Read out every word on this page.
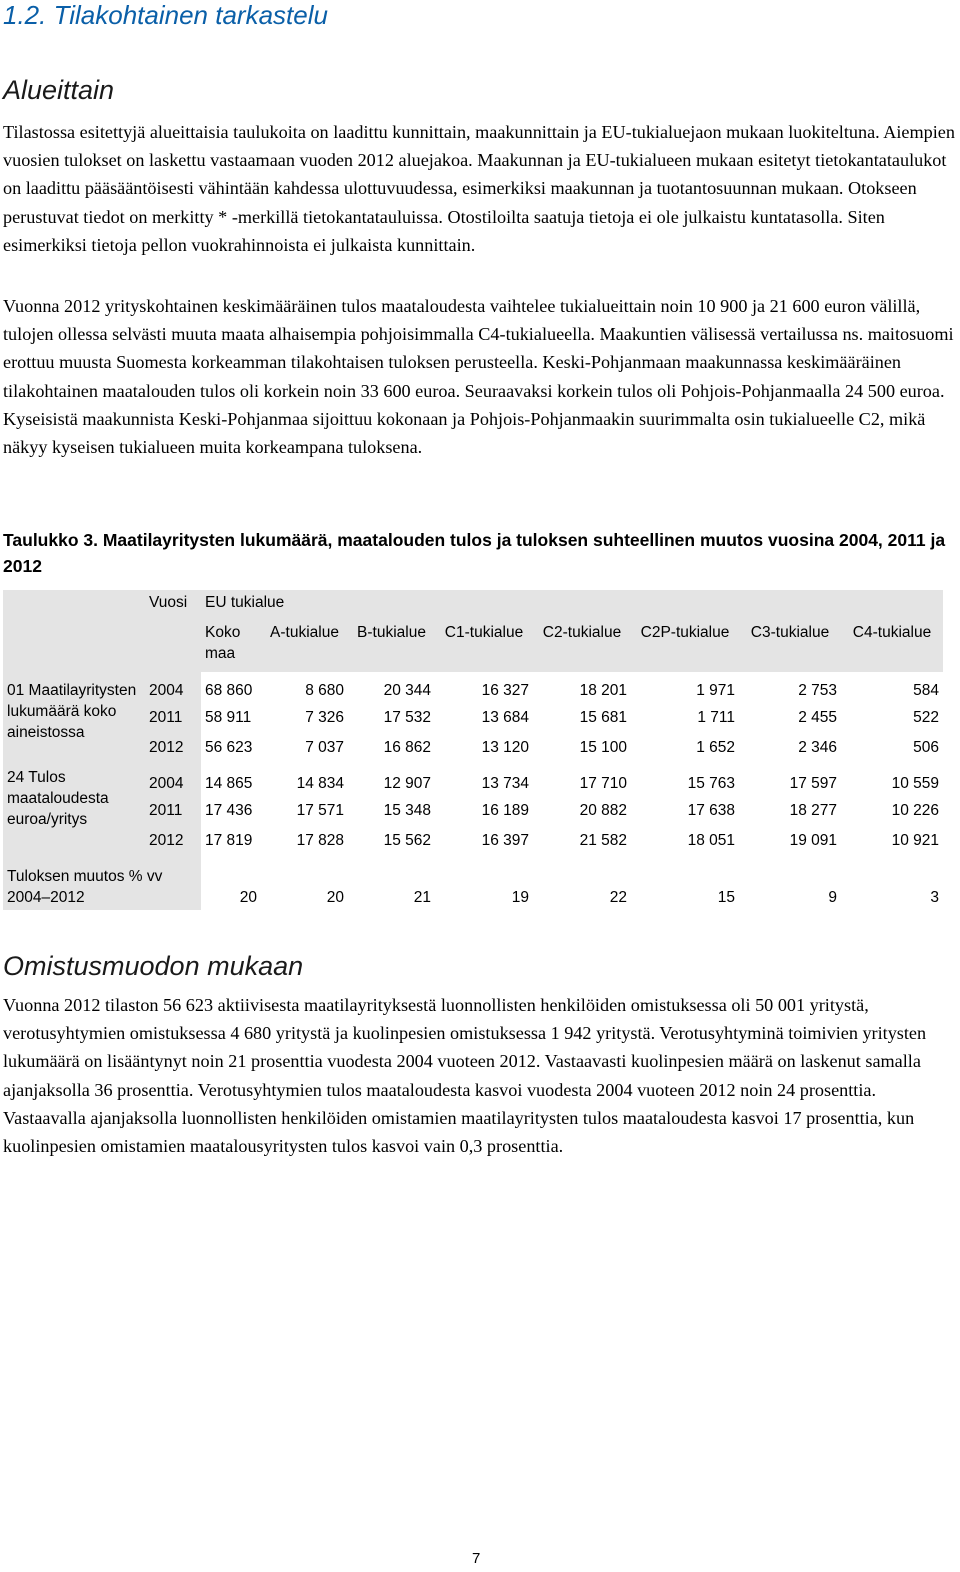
1.2. Tilakohtainen tarkastelu
Alueittain

Tilastossa esitettyjä alueittaisia taulukoita on laadittu kunnittain, maakunnittain ja EU-tukialuejaon mukaan luokiteltuna. Aiempien vuosien tulokset on laskettu vastaamaan vuoden 2012 aluejakoa. Maakunnan ja EU-tukialueen mukaan esitetyt tietokantataulukot on laadittu pääsääntöisesti vähintään kahdessa ulottuvuudessa, esimerkiksi maakunnan ja tuotantosuunnan mukaan. Otokseen perustuvat tiedot on merkitty * -merkillä tietokantatauluissa. Otostiloilta saatuja tietoja ei ole julkaistu kuntatasolla. Siten esimerkiksi tietoja pellon vuokrahinnoista ei julkaista kunnittain.

Vuonna 2012 yrityskohtainen keskimääräinen tulos maataloudesta vaihtelee tukialueittain noin 10 900 ja 21 600 euron välillä, tulojen ollessa selvästi muuta maata alhaisempia pohjoisimmalla C4-tukialueella. Maakuntien välisessä vertailussa ns. maitosuomi erottuu muusta Suomesta korkeamman tilakohtaisen tuloksen perusteella. Keski-Pohjanmaan maakunnassa keskimääräinen tilakohtainen maatalouden tulos oli korkein noin 33 600 euroa. Seuraavaksi korkein tulos oli Pohjois-Pohjanmaalla 24 500 euroa. Kyseisistä maakunnista Keski-Pohjanmaa sijoittuu kokonaan ja Pohjois-Pohjanmaakin suurimmalta osin tukialueelle C2, mikä näkyy kyseisen tukialueen muita korkeampana tuloksena.

Taulukko 3. Maatilayritysten lukumäärä, maatalouden tulos ja tuloksen suhteellinen muutos vuosina 2004, 2011 ja 2012

	Vuosi	EU tukialue							
		Koko maa	A-tukialue	B-tukialue	C1-tukialue	C2-tukialue	C2P-tukialue	C3-tukialue	C4-tukialue
01 Maatilayritysten lukumäärä koko aineistossa	2004	68 860	8 680	20 344	16 327	18 201	1 971	2 753	584
	2011	58 911	7 326	17 532	13 684	15 681	1 711	2 455	522
	2012	56 623	7 037	16 862	13 120	15 100	1 652	2 346	506
24 Tulos maataloudesta euroa/yritys	2004	14 865	14 834	12 907	13 734	17 710	15 763	17 597	10 559
	2011	17 436	17 571	15 348	16 189	20 882	17 638	18 277	10 226
	2012	17 819	17 828	15 562	16 397	21 582	18 051	19 091	10 921
Tuloksen muutos % vv 2004–2012		20	20	21	19	22	15	9	3
Omistusmuodon mukaan

Vuonna 2012 tilaston 56 623 aktiivisesta maatilayrityksestä luonnollisten henkilöiden omistuksessa oli 50 001 yritystä, verotusyhtymien omistuksessa 4 680 yritystä ja kuolinpesien omistuksessa 1 942 yritystä. Verotusyhtyminä toimivien yritysten lukumäärä on lisääntynyt noin 21 prosenttia vuodesta 2004 vuoteen 2012. Vastaavasti kuolinpesien määrä on laskenut samalla ajanjaksolla 36 prosenttia. Verotusyhtymien tulos maataloudesta kasvoi vuodesta 2004 vuoteen 2012 noin 24 prosenttia. Vastaavalla ajanjaksolla luonnollisten henkilöiden omistamien maatilayritysten tulos maataloudesta kasvoi 17 prosenttia, kun kuolinpesien omistamien maatalousyritysten tulos kasvoi vain 0,3 prosenttia.

7
